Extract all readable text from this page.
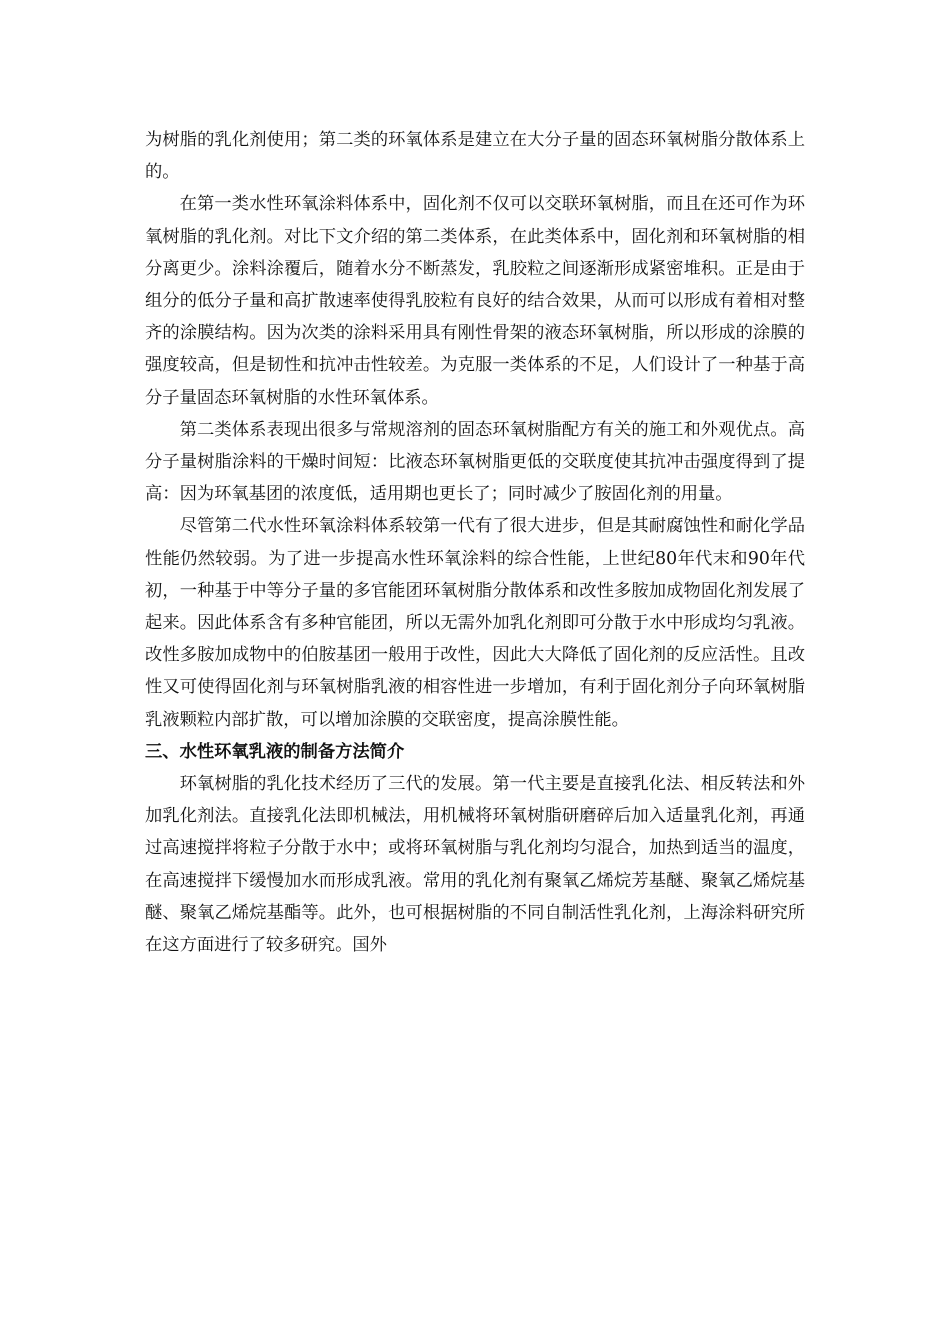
为树脂的乳化剂使用；第二类的环氧体系是建立在大分子量的固态环氧树脂分散体系上的。

在第一类水性环氧涂料体系中，固化剂不仅可以交联环氧树脂，而且在还可作为环氧树脂的乳化剂。对比下文介绍的第二类体系，在此类体系中，固化剂和环氧树脂的相分离更少。涂料涂覆后，随着水分不断蒸发，乳胶粒之间逐渐形成紧密堆积。正是由于组分的低分子量和高扩散速率使得乳胶粒有良好的结合效果，从而可以形成有着相对整齐的涂膜结构。因为次类的涂料采用具有刚性骨架的液态环氧树脂，所以形成的涂膜的强度较高，但是韧性和抗冲击性较差。为克服一类体系的不足，人们设计了一种基于高分子量固态环氧树脂的水性环氧体系。

第二类体系表现出很多与常规溶剂的固态环氧树脂配方有关的施工和外观优点。高分子量树脂涂料的干燥时间短：比液态环氧树脂更低的交联度使其抗冲击强度得到了提高：因为环氧基团的浓度低，适用期也更长了；同时减少了胺固化剂的用量。

尽管第二代水性环氧涂料体系较第一代有了很大进步，但是其耐腐蚀性和耐化学品性能仍然较弱。为了进一步提高水性环氧涂料的综合性能，上世纪80年代末和90年代初，一种基于中等分子量的多官能团环氧树脂分散体系和改性多胺加成物固化剂发展了起来。因此体系含有多种官能团，所以无需外加乳化剂即可分散于水中形成均匀乳液。改性多胺加成物中的伯胺基团一般用于改性，因此大大降低了固化剂的反应活性。且改性又可使得固化剂与环氧树脂乳液的相容性进一步增加，有利于固化剂分子向环氧树脂乳液颗粒内部扩散，可以增加涂膜的交联密度，提高涂膜性能。

三、水性环氧乳液的制备方法简介

环氧树脂的乳化技术经历了三代的发展。第一代主要是直接乳化法、相反转法和外加乳化剂法。直接乳化法即机械法，用机械将环氧树脂研磨碎后加入适量乳化剂，再通过高速搅拌将粒子分散于水中；或将环氧树脂与乳化剂均匀混合，加热到适当的温度，在高速搅拌下缓慢加水而形成乳液。常用的乳化剂有聚氧乙烯烷芳基醚、聚氧乙烯烷基醚、聚氧乙烯烷基酯等。此外，也可根据树脂的不同自制活性乳化剂，上海涂料研究所在这方面进行了较多研究。国外
